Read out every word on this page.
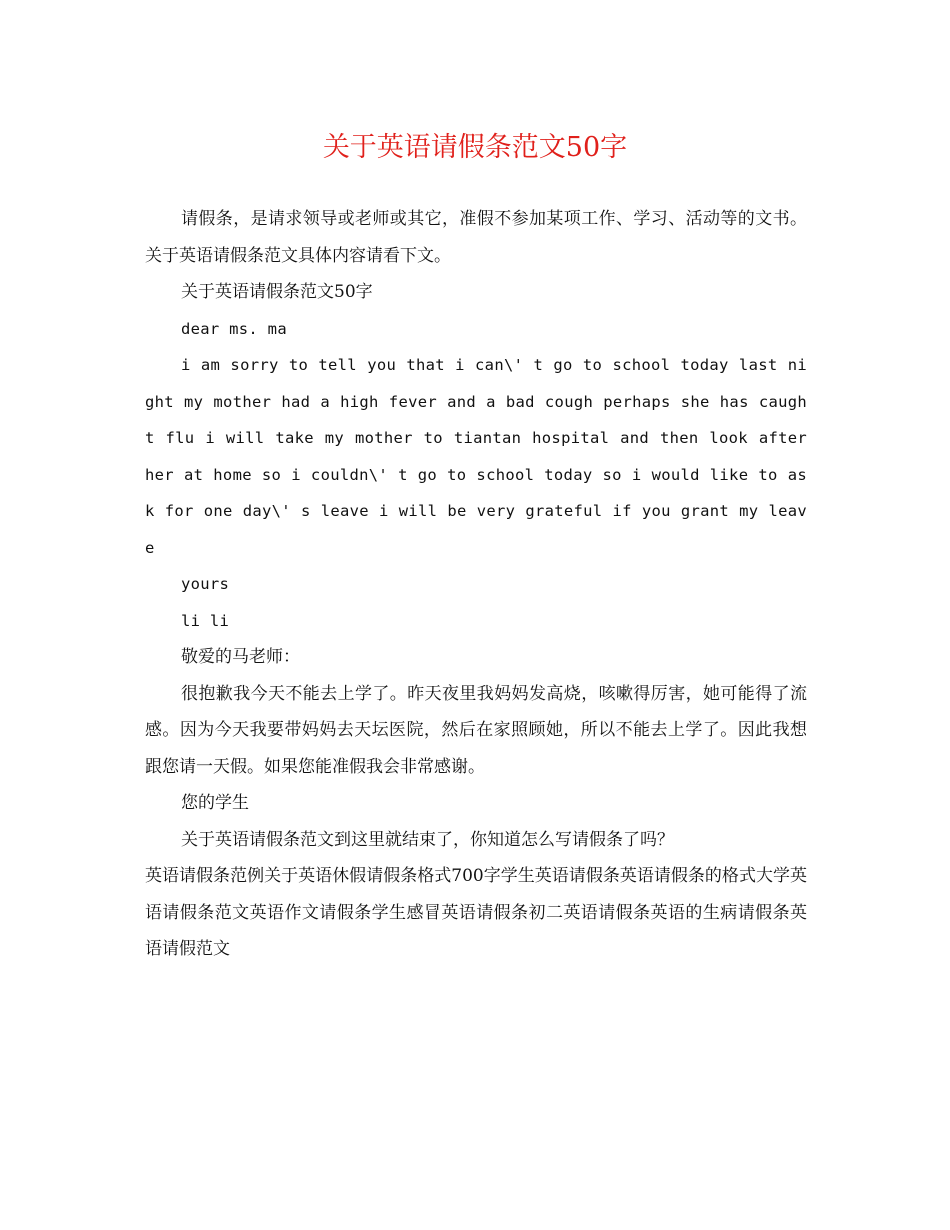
关于英语请假条范文50字

请假条，是请求领导或老师或其它，准假不参加某项工作、学习、活动等的文书。关于英语请假条范文具体内容请看下文。

关于英语请假条范文50字

dear ms. ma

i am sorry to tell you that i can\' t go to school today last night my mother had a high fever and a bad cough perhaps she has caught flu i will take my mother to tiantan hospital and then look after her at home so i couldn\' t go to school today so i would like to ask for one day\' s leave i will be very grateful if you grant my leave

yours

li li

敬爱的马老师：

很抱歉我今天不能去上学了。昨天夜里我妈妈发高烧，咳嗽得厉害，她可能得了流感。因为今天我要带妈妈去天坛医院，然后在家照顾她，所以不能去上学了。因此我想跟您请一天假。如果您能准假我会非常感谢。

您的学生

关于英语请假条范文到这里就结束了，你知道怎么写请假条了吗？

英语请假条范例关于英语休假请假条格式700字学生英语请假条英语请假条的格式大学英语请假条范文英语作文请假条学生感冒英语请假条初二英语请假条英语的生病请假条英语请假范文
